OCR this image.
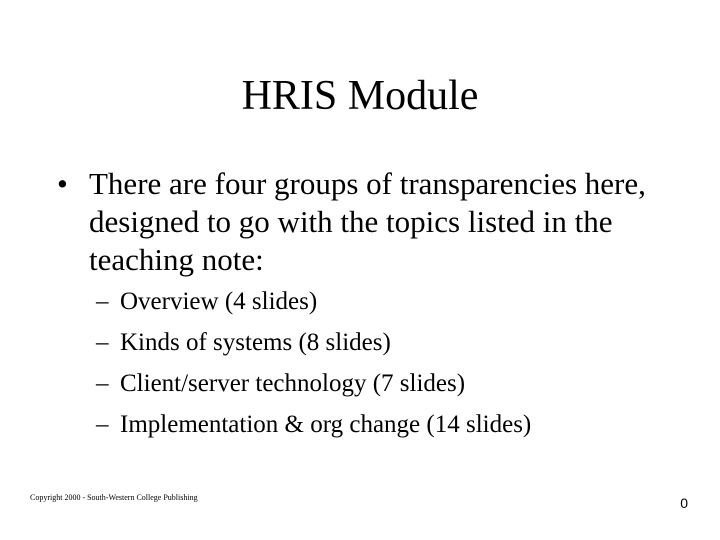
HRIS Module
• There are four groups of transparencies here, designed to go with the topics listed in the teaching note:
– Overview (4 slides)
– Kinds of systems (8 slides)
– Client/server technology (7 slides)
– Implementation & org change (14 slides)
Copyright 2000 - South-Western College Publishing	0
